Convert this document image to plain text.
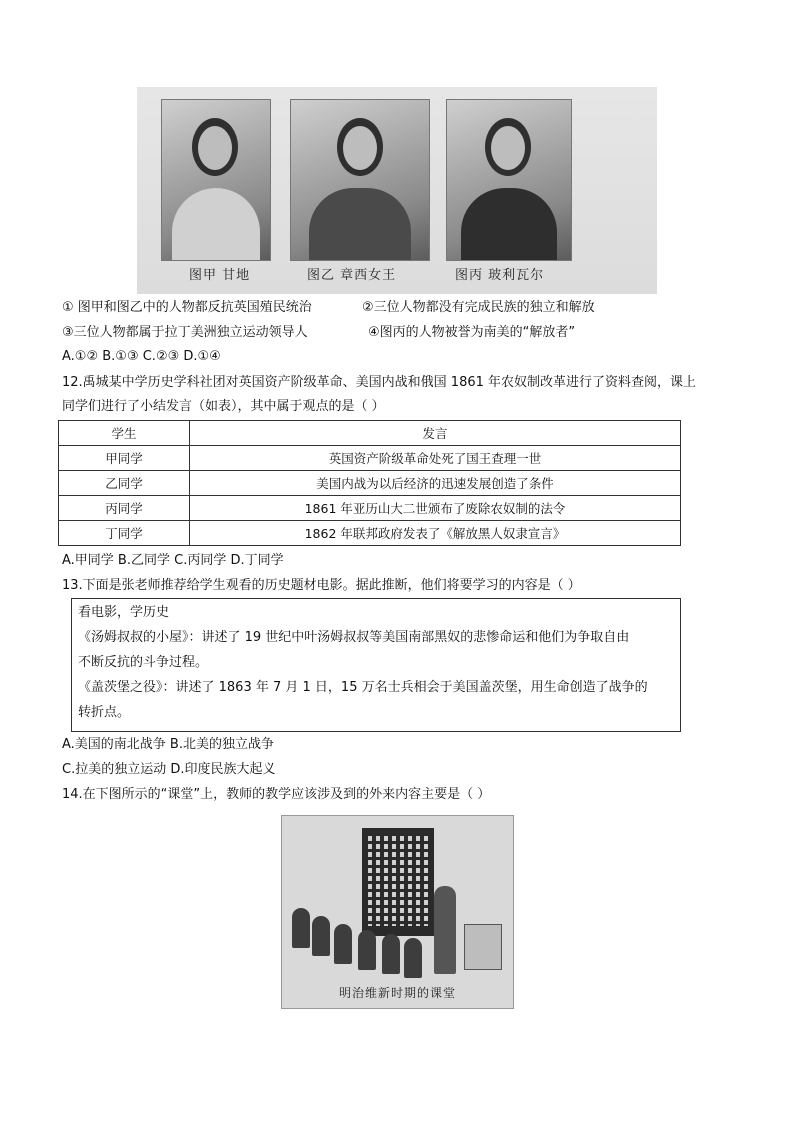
图甲 甘地	图乙 章西女王	图丙 玻利瓦尔
① 图甲和图乙中的人物都反抗英国殖民统治	②三位人物都没有完成民族的独立和解放
③三位人物都属于拉丁美洲独立运动领导人	④图丙的人物被誉为南美的“解放者”
A.①② B.①③ C.②③ D.①④
12.禹城某中学历史学科社团对英国资产阶级革命、美国内战和俄国 1861 年农奴制改革进行了资料查阅，课上
同学们进行了小结发言（如表），其中属于观点的是（ ）
学生	发言
甲同学	英国资产阶级革命处死了国王查理一世
乙同学	美国内战为以后经济的迅速发展创造了条件
丙同学	1861 年亚历山大二世颁布了废除农奴制的法令
丁同学	1862 年联邦政府发表了《解放黑人奴隶宣言》
A.甲同学 B.乙同学 C.丙同学 D.丁同学
13.下面是张老师推荐给学生观看的历史题材电影。据此推断，他们将要学习的内容是（ ）
看电影，学历史
《汤姆叔叔的小屋》：讲述了 19 世纪中叶汤姆叔叔等美国南部黑奴的悲惨命运和他们为争取自由
不断反抗的斗争过程。
《盖茨堡之役》：讲述了 1863 年 7 月 1 日，15 万名士兵相会于美国盖茨堡，用生命创造了战争的
转折点。
A.美国的南北战争 B.北美的独立战争
C.拉美的独立运动 D.印度民族大起义
14.在下图所示的“课堂”上，教师的教学应该涉及到的外来内容主要是（ ）
明治维新时期的课堂
